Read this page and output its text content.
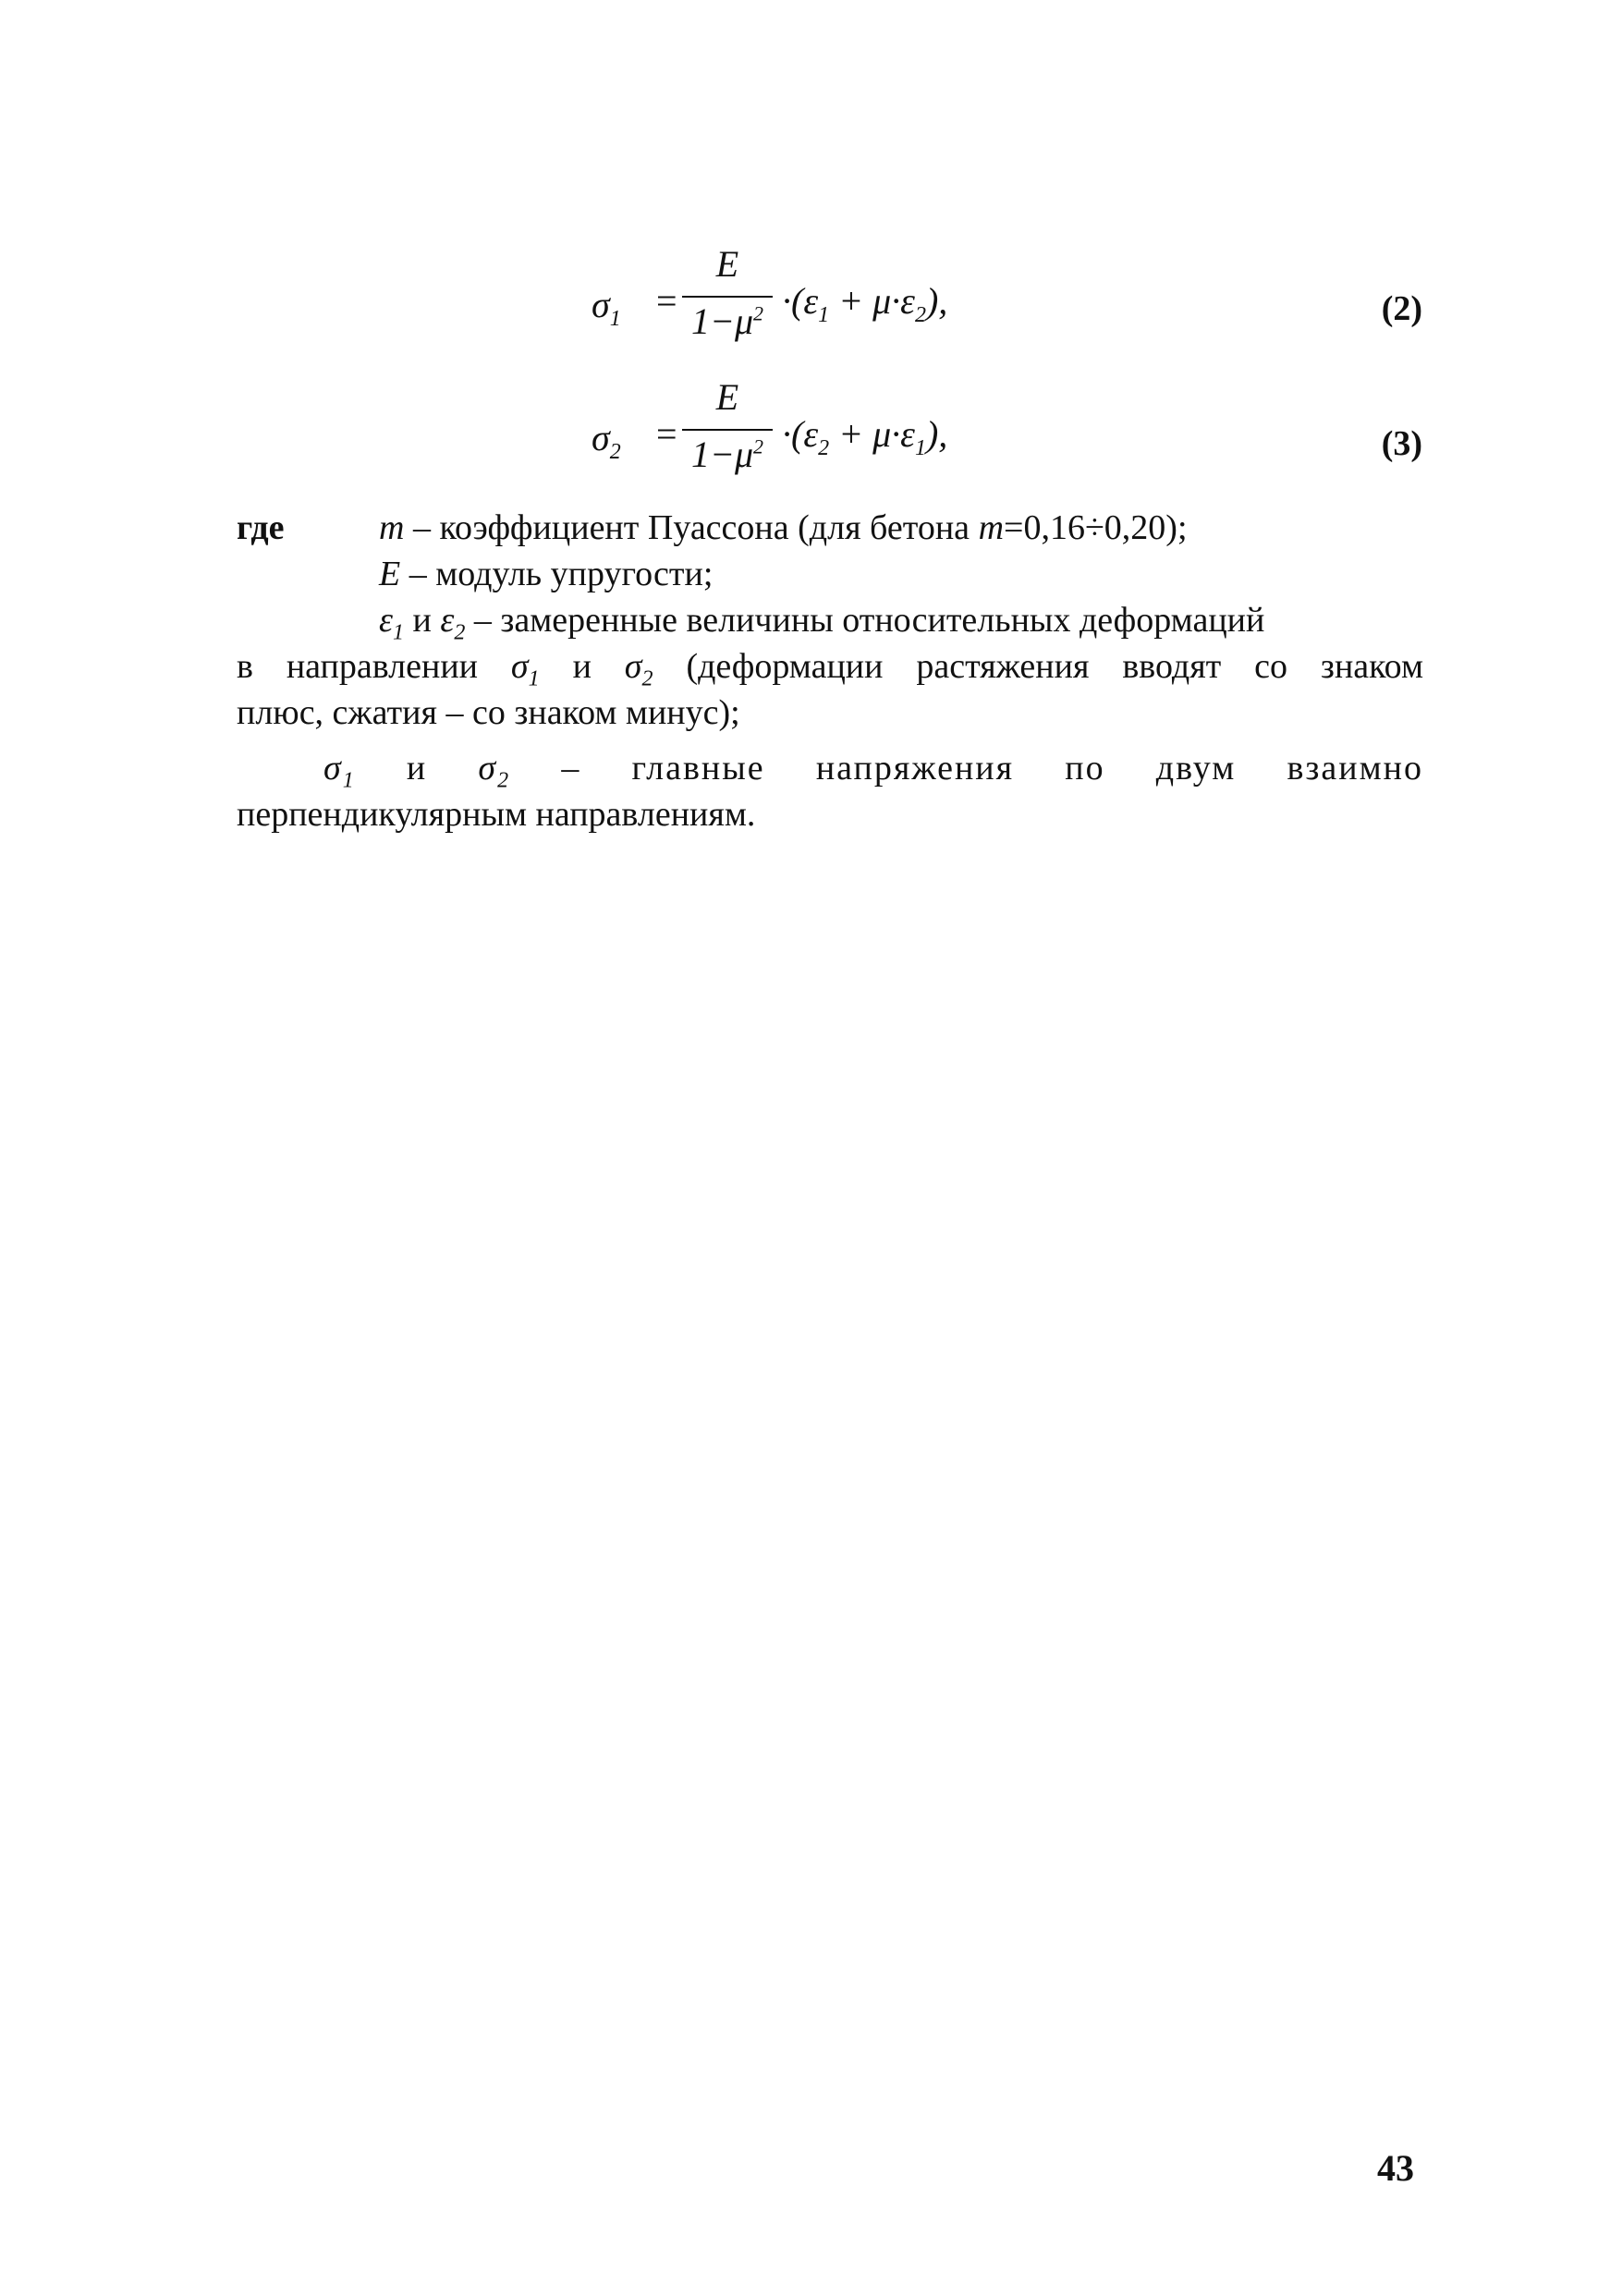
$\sigma_1$ =
E
$1-\mu^2 \cdot(\varepsilon_1 + \mu\cdot\varepsilon_2)$,	(2)
$\sigma_2$ =
E
$1-\mu^2 \cdot(\varepsilon_2 + \mu\cdot\varepsilon_1)$,	(3)
где	m – коэффициент Пуассона (для бетона m=0,16÷0,20);
E – модуль упругости;
$\varepsilon_1$ и $\varepsilon_2$ – замеренные величины относительных деформаций
в направлении $\sigma_1$ и $\sigma_2$ (деформации растяжения вводят со знаком
плюс, сжатия – со знаком минус);
$\sigma_1$ и $\sigma_2$ – главные напряжения по двум взаимно
перпендикулярным направлениям.
43
